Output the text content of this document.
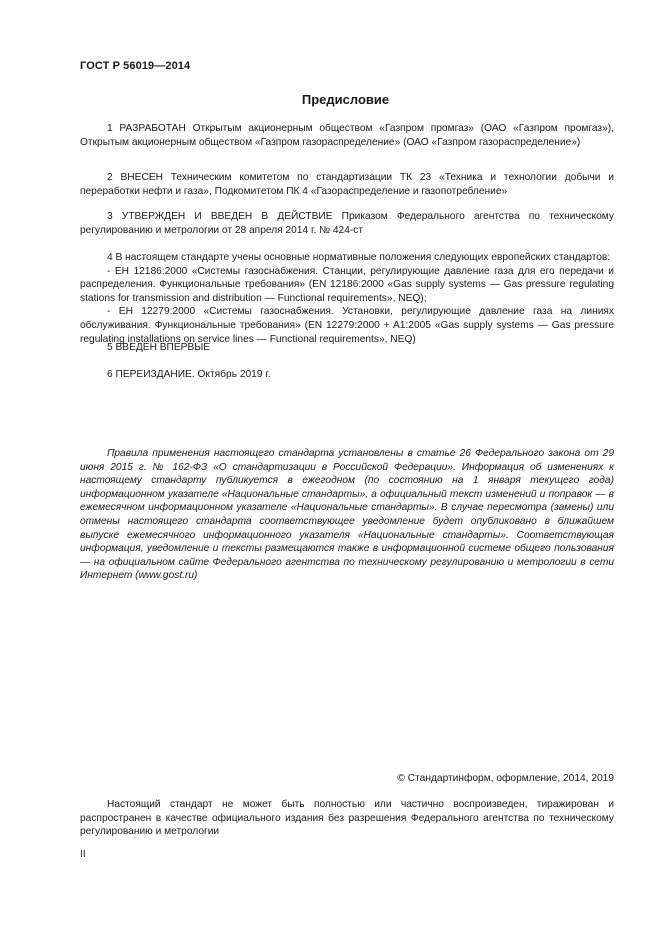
ГОСТ Р 56019—2014
Предисловие

1 РАЗРАБОТАН Открытым акционерным обществом «Газпром промгаз» (ОАО «Газпром промгаз»), Открытым акционерным обществом «Газпром газораспределение» (ОАО «Газпром газораспределение»)

2 ВНЕСЕН Техническим комитетом по стандартизации ТК 23 «Техника и технологии добычи и переработки нефти и газа», Подкомитетом ПК 4 «Газораспределение и газопотребление»

3 УТВЕРЖДЕН И ВВЕДЕН В ДЕЙСТВИЕ Приказом Федерального агентства по техническому регулированию и метрологии от 28 апреля 2014 г. № 424-ст

4 В настоящем стандарте учены основные нормативные положения следующих европейских стандартов:

- ЕН 12186:2000 «Системы газоснабжения. Станции, регулирующие давление газа для его передачи и распределения. Функциональные требования» (EN 12186:2000 «Gas supply systems — Gas pressure regulating stations for transmission and distribution — Functional requirements», NEQ);

- ЕН 12279:2000 «Системы газоснабжения. Установки, регулирующие давление газа на линиях обслуживания. Функциональные требования» (EN 12279:2000 + A1:2005 «Gas supply systems — Gas pressure regulating installations on service lines — Functional requirements», NEQ)

5 ВВЕДЕН ВПЕРВЫЕ

6 ПЕРЕИЗДАНИЕ. Октябрь 2019 г.

Правила применения настоящего стандарта установлены в статье 26 Федерального закона от 29 июня 2015 г. № 162-ФЗ «О стандартизации в Российской Федерации». Информация об изменениях к настоящему стандарту публикуется в ежегодном (по состоянию на 1 января текущего года) информационном указателе «Национальные стандарты», а официальный текст изменений и поправок — в ежемесячном информационном указателе «Национальные стандарты». В случае пересмотра (замены) или отмены настоящего стандарта соответствующее уведомление будет опубликовано в ближайшем выпуске ежемесячного информационного указателя «Национальные стандарты». Соответствующая информация, уведомление и тексты размещаются также в информационной системе общего пользования — на официальном сайте Федерального агентства по техническому регулированию и метрологии в сети Интернет (www.gost.ru)

© Стандартинформ, оформление, 2014, 2019

Настоящий стандарт не может быть полностью или частично воспроизведен, тиражирован и распространен в качестве официального издания без разрешения Федерального агентства по техническому регулированию и метрологии

II
